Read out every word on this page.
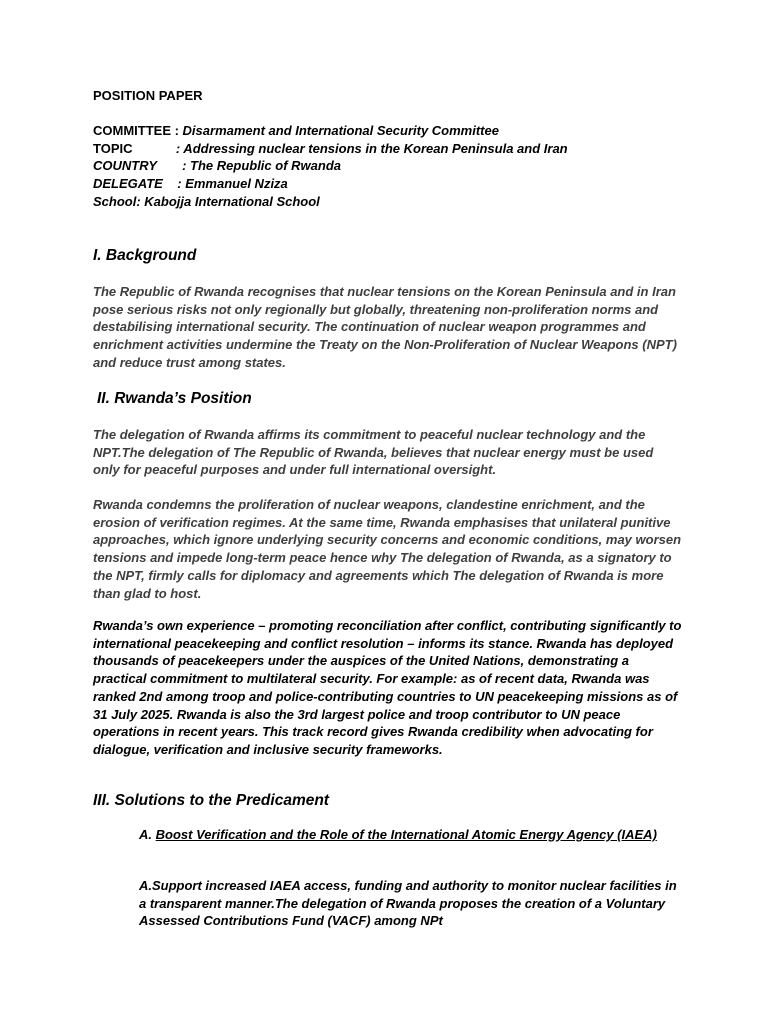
POSITION PAPER
COMMITTEE : Disarmament and International Security Committee
TOPIC            : Addressing nuclear tensions in the Korean Peninsula and Iran
COUNTRY       : The Republic of Rwanda
DELEGATE    : Emmanuel Nziza
School: Kabojja International School
I. Background

The Republic of Rwanda recognises that nuclear tensions on the Korean Peninsula and in Iran pose serious risks not only regionally but globally, threatening non-proliferation norms and destabilising international security. The continuation of nuclear weapon programmes and enrichment activities undermine the Treaty on the Non-Proliferation of Nuclear Weapons (NPT) and reduce trust among states.

II. Rwanda’s Position

The delegation of Rwanda affirms its commitment to peaceful nuclear technology and the NPT.The delegation of The Republic of Rwanda, believes that nuclear energy must be used only for peaceful purposes and under full international oversight.

Rwanda condemns the proliferation of nuclear weapons, clandestine enrichment, and the erosion of verification regimes. At the same time, Rwanda emphasises that unilateral punitive approaches, which ignore underlying security concerns and economic conditions, may worsen tensions and impede long-term peace hence why The delegation of Rwanda, as a signatory to the NPT, firmly calls for diplomacy and agreements which The delegation of Rwanda is more than glad to host.

Rwanda’s own experience – promoting reconciliation after conflict, contributing significantly to international peacekeeping and conflict resolution – informs its stance. Rwanda has deployed thousands of peacekeepers under the auspices of the United Nations, demonstrating a practical commitment to multilateral security. For example: as of recent data, Rwanda was ranked 2nd among troop and police-contributing countries to UN peacekeeping missions as of 31 July 2025. Rwanda is also the 3rd largest police and troop contributor to UN peace operations in recent years. This track record gives Rwanda credibility when advocating for dialogue, verification and inclusive security frameworks.

III. Solutions to the Predicament

A. Boost Verification and the Role of the International Atomic Energy Agency (IAEA)

A.Support increased IAEA access, funding and authority to monitor nuclear facilities in a transparent manner.The delegation of Rwanda proposes the creation of a Voluntary Assessed Contributions Fund (VACF) among NPt
